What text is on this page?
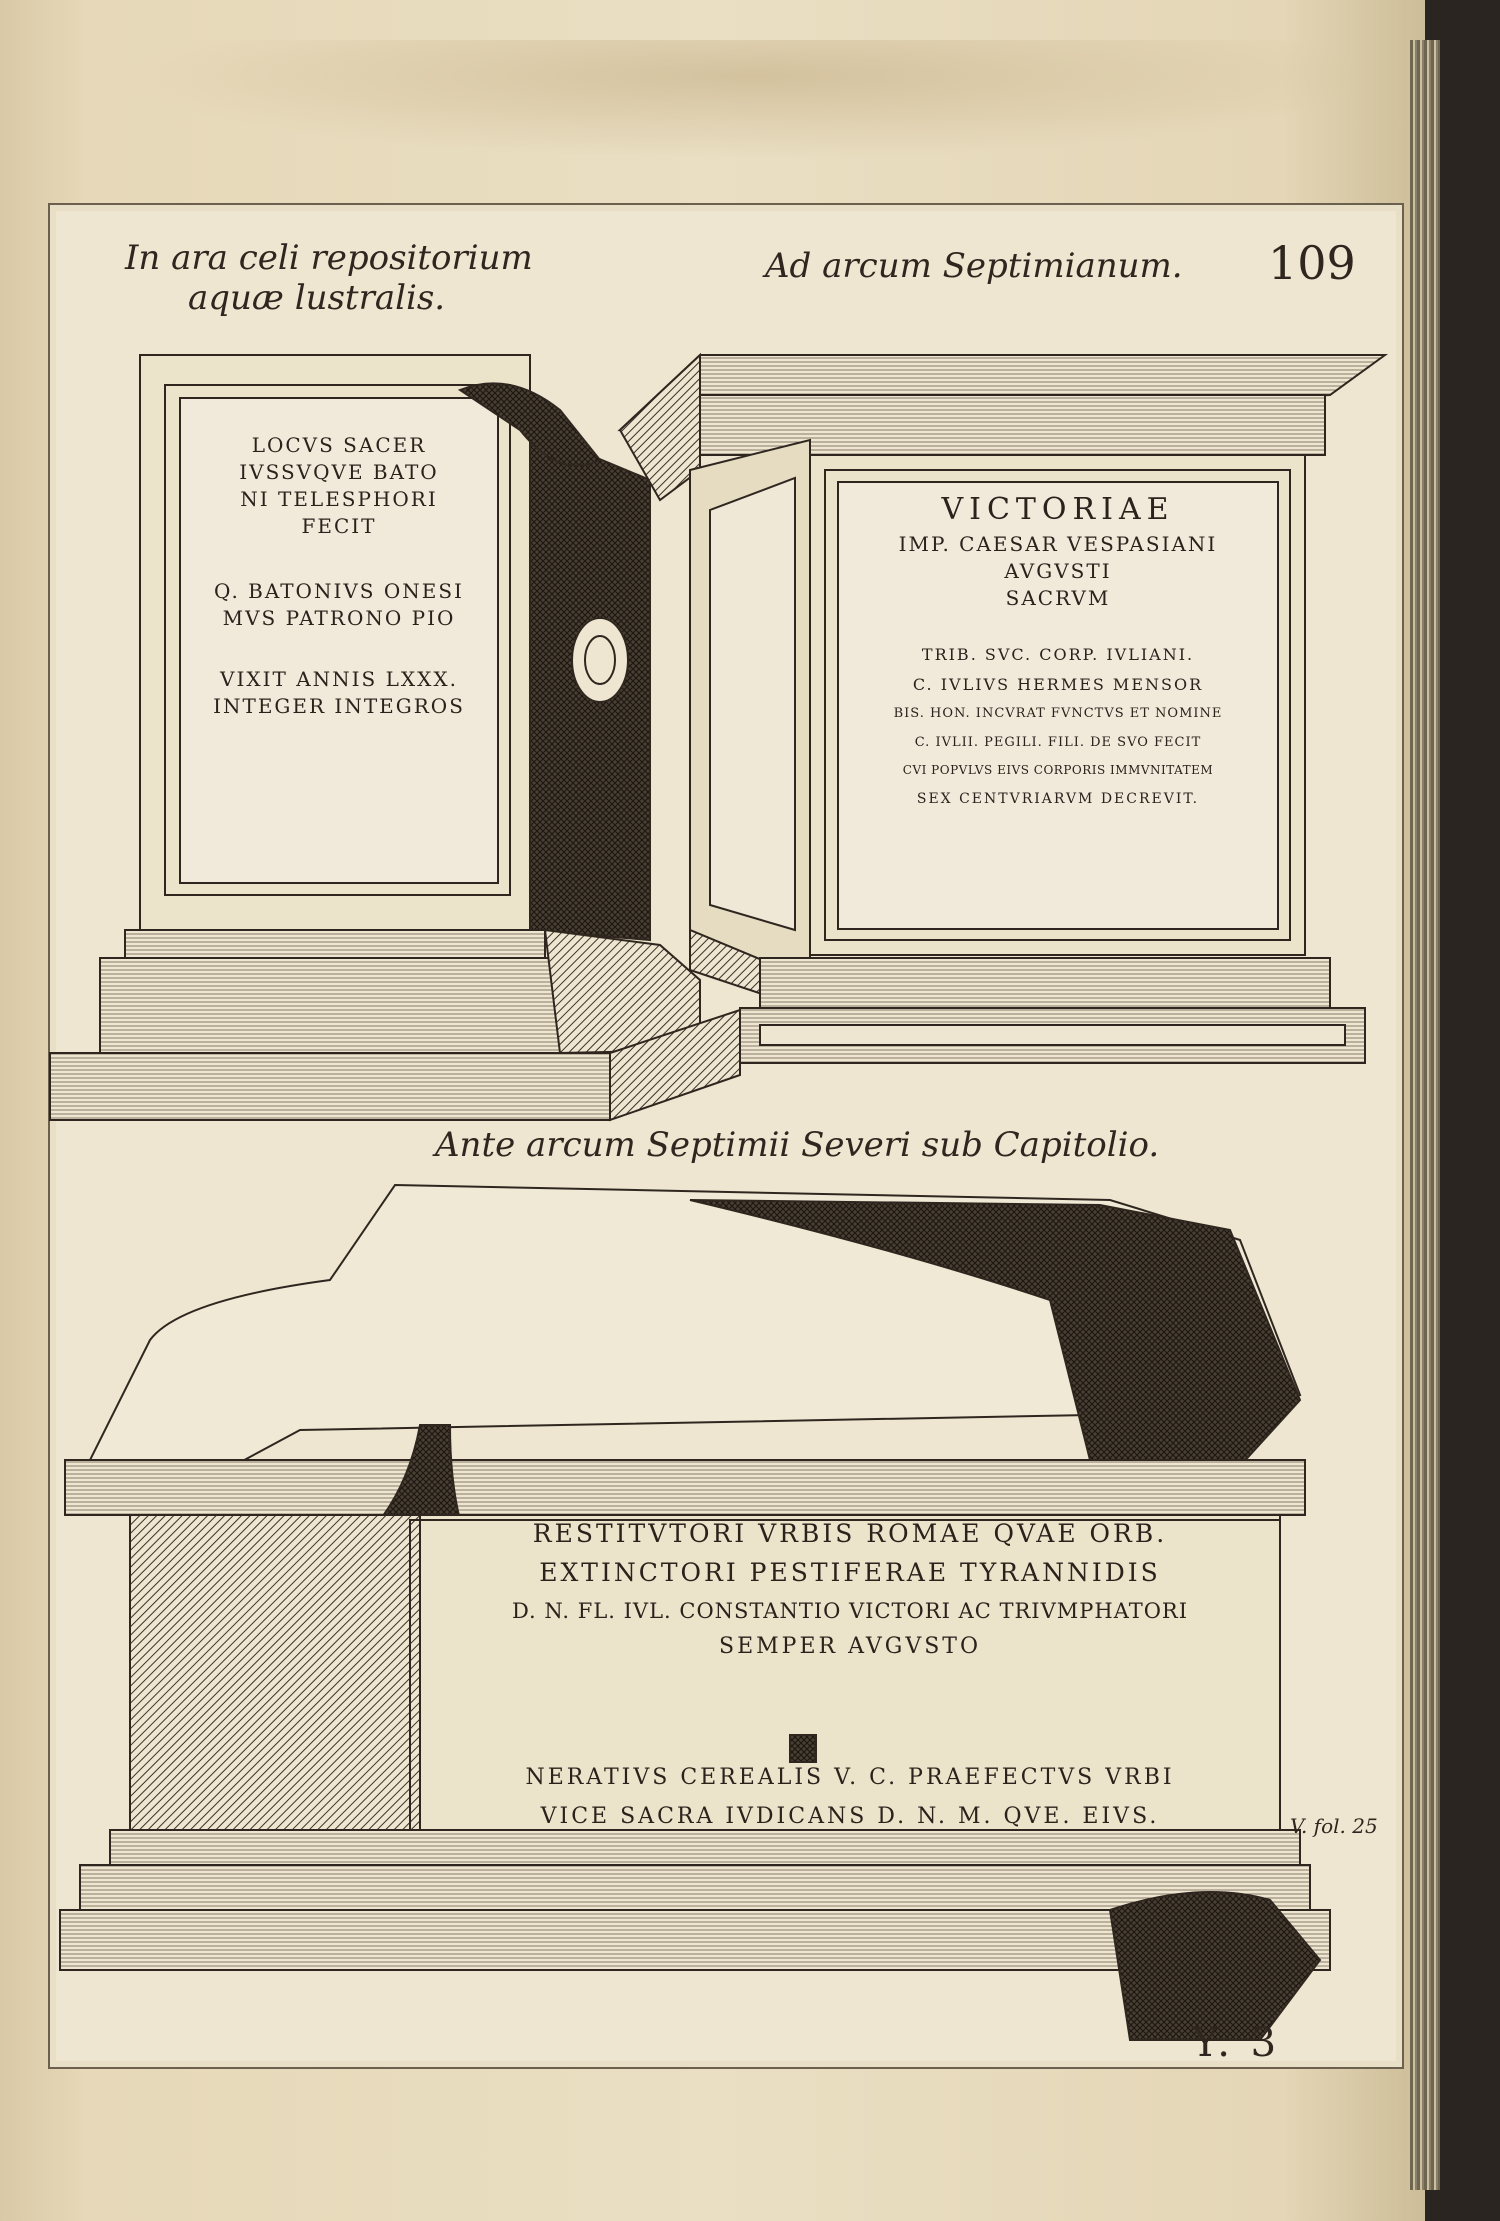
In ara celi repositorium
aquæ lustralis.
Ad arcum Septimianum. 109
LOCVS SACER
IVSSVQVE BATO
NI TELESPHORI
FECIT
Q. BATONIVS ONESI
MVS PATRONO PIO
VIXIT ANNIS LXXX.
INTEGER INTEGROS
VICTORIAE
IMP. CAESAR VESPASIANI
AVGVSTI
SACRVM
TRIB. SVC. CORP. IVLIANI.
C. IVLIVS HERMES MENSOR
BIS. HON. INCVRAT FVNCTVS ET NOMINE
C. IVLII. PEGILI. FILI. DE SVO FECIT
CVI POPVLVS EIVS CORPORIS IMMVNITATEM
SEX CENTVRIARVM DECREVIT.
Ante arcum Septimii Severi sub Capitolio.
RESTITVTORI VRBIS ROMAE QVAE ORB.
EXTINCTORI PESTIFERAE TYRANNIDIS
D. N. FL. IVL. CONSTANTIO VICTORI AC TRIVMPHATORI
SEMPER AVGVSTO
NERATIVS CEREALIS V. C. PRAEFECTVS VRBI
VICE SACRA IVDICANS D. N. M. QVE. EIVS.	V. fol. 25
Y. 3
